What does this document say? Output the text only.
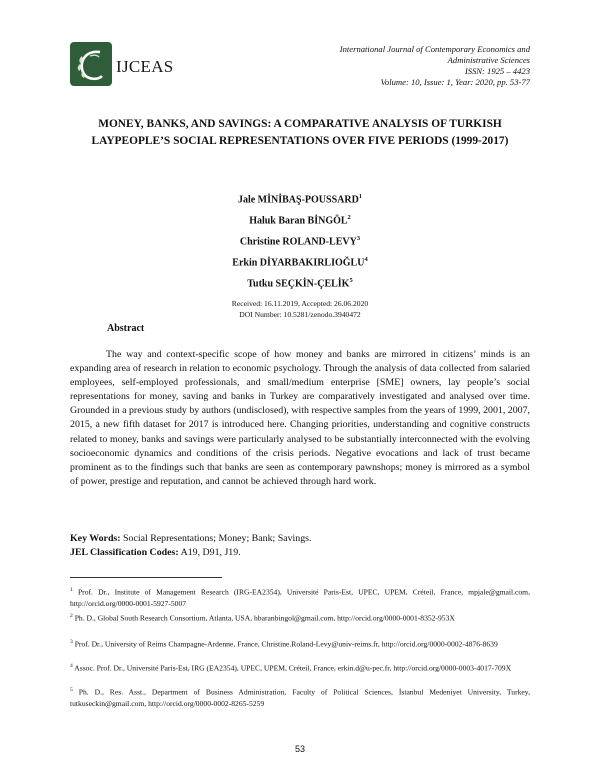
IJCEAS
International Journal of Contemporary Economics and
Administrative Sciences
ISSN: 1925 – 4423
Volume: 10, Issue: 1, Year: 2020, pp. 53-77
MONEY, BANKS, AND SAVINGS: A COMPARATIVE ANALYSIS OF TURKISH LAYPEOPLE’S SOCIAL REPRESENTATIONS OVER FIVE PERIODS (1999-2017)
Jale MİNİBAŞ-POUSSARD$^1$
Haluk Baran BİNGÖL$^2$
Christine ROLAND-LEVY$^3$
Erkin DİYARBAKIRLIOĞLU$^4$
Tutku SEÇKİN-ÇELİK$^5$
Received: 16.11.2019, Accepted: 26.06.2020
DOI Number: 10.5281/zenodo.3940472
Abstract

The way and context-specific scope of how money and banks are mirrored in citizens’ minds is an expanding area of research in relation to economic psychology. Through the analysis of data collected from salaried employees, self-employed professionals, and small/medium enterprise [SME] owners, lay people’s social representations for money, saving and banks in Turkey are comparatively investigated and analysed over time. Grounded in a previous study by authors (undisclosed), with respective samples from the years of 1999, 2001, 2007, 2015, a new fifth dataset for 2017 is introduced here. Changing priorities, understanding and cognitive constructs related to money, banks and savings were particularly analysed to be substantially interconnected with the evolving socioeconomic dynamics and conditions of the crisis periods. Negative evocations and lack of trust became prominent as to the findings such that banks are seen as contemporary pawnshops; money is mirrored as a symbol of power, prestige and reputation, and cannot be achieved through hard work.

Key Words: Social Representations; Money; Bank; Savings.
JEL Classification Codes: A19, D91, J19.

$^1$ Prof. Dr., Institute of Management Research (IRG-EA2354), Université Paris-Est, UPEC, UPEM, Créteil, France, mpjale@gmail.com, http://orcid.org/0000-0001-5927-5007

$^2$ Ph. D., Global South Research Consortium, Atlanta, USA, hbaranbingol@gmail.com, http://orcid.org/0000-0001-8352-953X

$^3$ Prof. Dr., University of Reims Champagne-Ardenne, France, Christine.Roland-Levy@univ-reims.fr, http://orcid.org/0000-0002-4876-8639

$^4$ Assoc. Prof. Dr., Université Paris-Est, IRG (EA2354), UPEC, UPEM, Créteil, France, erkin.d@u-pec.fr, http://orcid.org/0000-0003-4017-709X

$^5$ Ph. D., Res. Asst., Department of Business Administration, Faculty of Political Sciences, İstanbul Medeniyet University, Turkey, tutkuseckin@gmail.com, http://orcid.org/0000-0002-8265-5259

53
